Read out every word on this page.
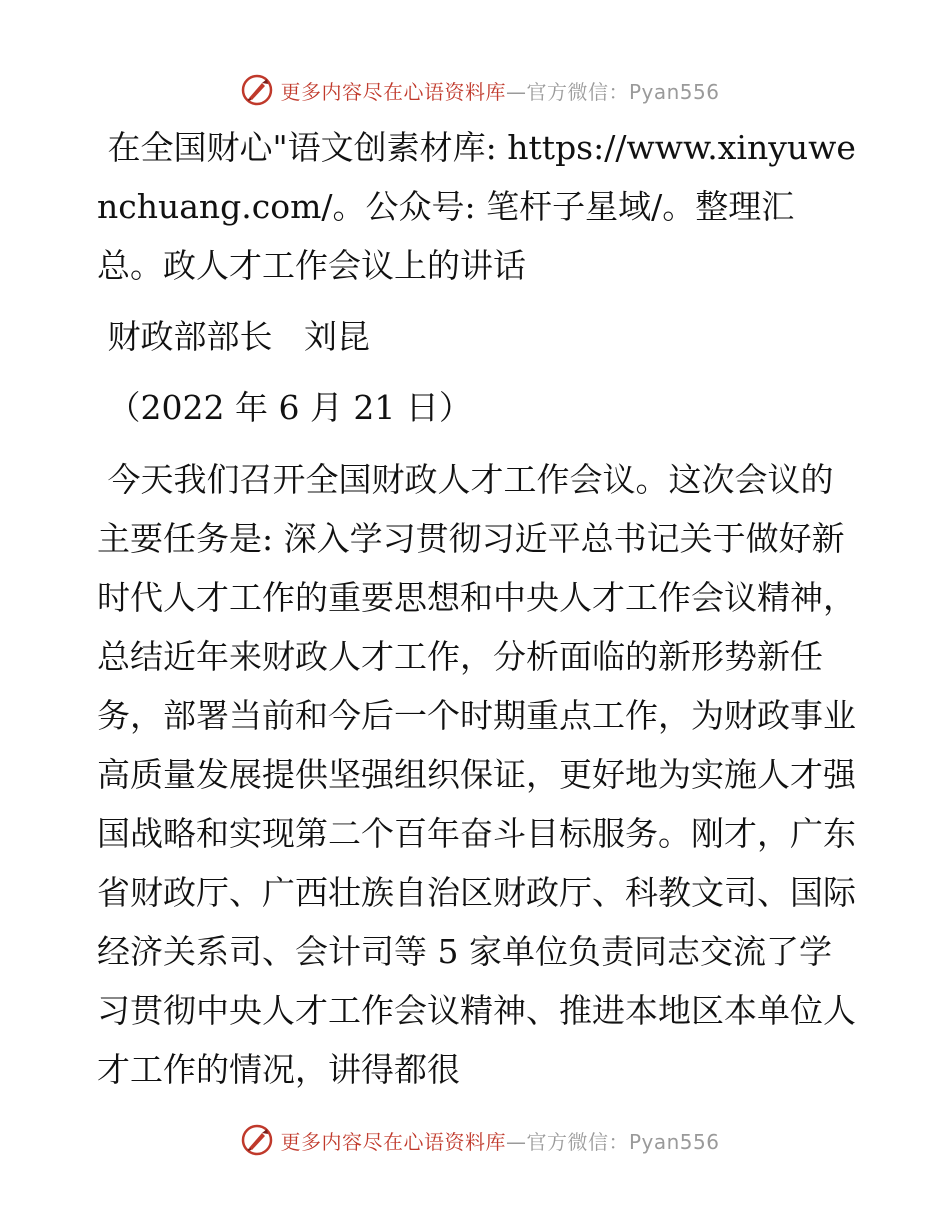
更多内容尽在心语资料库—官方微信：Pyan556

在全国财心"语文创素材库: https://www.xinyuwenchuang.com/。公众号: 笔杆子星域/。整理汇总。政人才工作会议上的讲话

财政部部长   刘昆

（2022 年 6 月 21 日）

今天我们召开全国财政人才工作会议。这次会议的主要任务是: 深入学习贯彻习近平总书记关于做好新时代人才工作的重要思想和中央人才工作会议精神，总结近年来财政人才工作，分析面临的新形势新任务，部署当前和今后一个时期重点工作，为财政事业高质量发展提供坚强组织保证，更好地为实施人才强国战略和实现第二个百年奋斗目标服务。刚才，广东省财政厅、广西壮族自治区财政厅、科教文司、国际经济关系司、会计司等 5 家单位负责同志交流了学习贯彻中央人才工作会议精神、推进本地区本单位人才工作的情况，讲得都很

更多内容尽在心语资料库—官方微信：Pyan556
